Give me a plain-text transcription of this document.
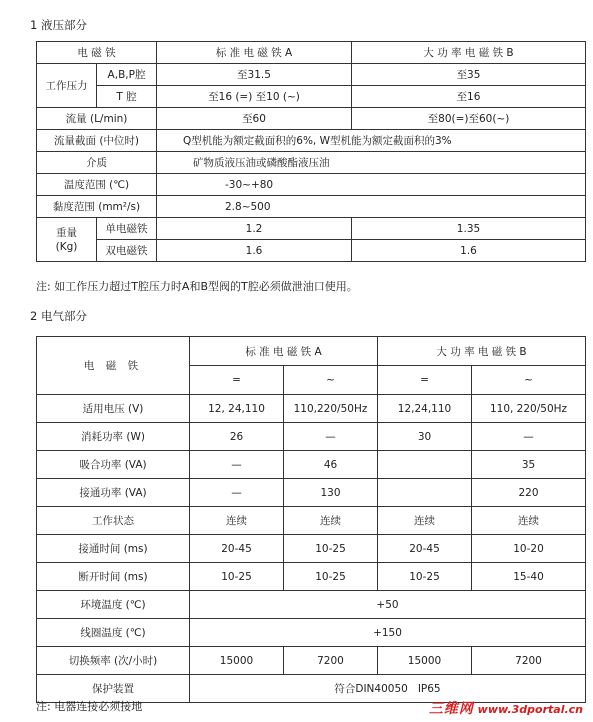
1 液压部分
电 磁 铁		标 准 电 磁 铁 A	大 功 率 电 磁 铁 B
工作压力	A,B,P腔	至31.5	至35
	T 腔	至16 (=) 至10 (~)	至16
流量 (L/min)		至60	至80(=)至60(~)
流量截面 (中位时)		Q型机能为额定截面积的6%, W型机能为额定截面积的3%	
介质		矿物质液压油或磷酸酯液压油	
温度范围 (℃)		-30~+80	
黏度范围 (mm²/s)		2.8~500	
重量 (Kg)	单电磁铁	1.2	1.35
	双电磁铁	1.6	1.6
注: 如工作压力超过T腔压力时A和B型阀的T腔必须做泄油口使用。
2 电气部分
电 磁 铁	标 准 电 磁 铁 A		大 功 率 电 磁 铁 B	
	=	~	=	~
适用电压 (V)	12, 24,110	110,220/50Hz	12,24,110	110, 220/50Hz
消耗功率 (W)	26	—	30	—
吸合功率 (VA)	—	46		35
接通功率 (VA)	—	130		220
工作状态	连续	连续	连续	连续
接通时间 (ms)	20-45	10-25	20-45	10-20
断开时间 (ms)	10-25	10-25	10-25	15-40
环境温度 (℃)	+50			
线圈温度 (℃)	+150			
切换频率 (次/小时)	15000	7200	15000	7200
保护装置	符合DIN40050   IP65			
注: 电器连接必须接地	三维网 www.3dportal.cn
